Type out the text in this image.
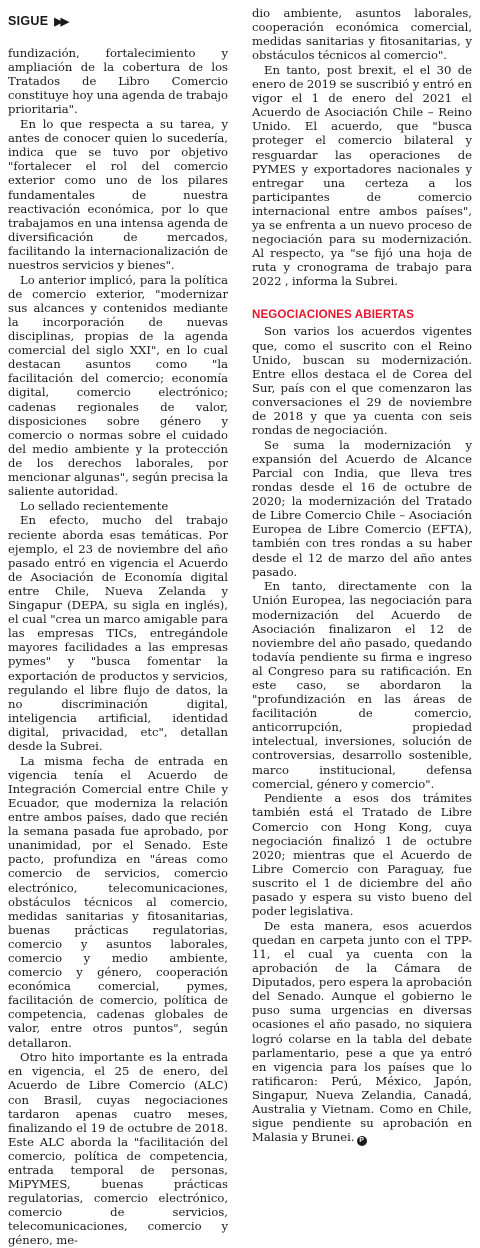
SIGUE ▶▶

fundización, fortalecimiento y ampliación de la cobertura de los Tratados de Libro Comercio constituye hoy una agenda de trabajo prioritaria".

En lo que respecta a su tarea, y antes de conocer quien lo sucedería, indica que se tuvo por objetivo "fortalecer el rol del comercio exterior como uno de los pilares fundamentales de nuestra reactivación económica, por lo que trabajamos en una intensa agenda de diversificación de mercados, facilitando la internacionalización de nuestros servicios y bienes".

Lo anterior implicó, para la política de comercio exterior, "modernizar sus alcances y contenidos mediante la incorporación de nuevas disciplinas, propias de la agenda comercial del siglo XXI", en lo cual destacan asuntos como "la facilitación del comercio; economía digital, comercio electrónico; cadenas regionales de valor, disposiciones sobre género y comercio o normas sobre el cuidado del medio ambiente y la protección de los derechos laborales, por mencionar algunas", según precisa la saliente autoridad.

Lo sellado recientemente

En efecto, mucho del trabajo reciente aborda esas temáticas. Por ejemplo, el 23 de noviembre del año pasado entró en vigencia el Acuerdo de Asociación de Economía digital entre Chile, Nueva Zelanda y Singapur (DEPA, su sigla en inglés), el cual "crea un marco amigable para las empresas TICs, entregándole mayores facilidades a las empresas pymes" y "busca fomentar la exportación de productos y servicios, regulando el libre flujo de datos, la no discriminación digital, inteligencia artificial, identidad digital, privacidad, etc", detallan desde la Subrei.

La misma fecha de entrada en vigencia tenía el Acuerdo de Integración Comercial entre Chile y Ecuador, que moderniza la relación entre ambos países, dado que recién la semana pasada fue aprobado, por unanimidad, por el Senado. Este pacto, profundiza en "áreas como comercio de servicios, comercio electrónico, telecomunicaciones, obstáculos técnicos al comercio, medidas sanitarias y fitosanitarias, buenas prácticas regulatorias, comercio y asuntos laborales, comercio y medio ambiente, comercio y género, cooperación económica comercial, pymes, facilitación de comercio, política de competencia, cadenas globales de valor, entre otros puntos", según detallaron.

Otro hito importante es la entrada en vigencia, el 25 de enero, del Acuerdo de Libre Comercio (ALC) con Brasil, cuyas negociaciones tardaron apenas cuatro meses, finalizando el 19 de octubre de 2018. Este ALC aborda la "facilitación del comercio, política de competencia, entrada temporal de personas, MiPYMES, buenas prácticas regulatorias, comercio electrónico, comercio de servicios, telecomunicaciones, comercio y género, me-

dio ambiente, asuntos laborales, cooperación económica comercial, medidas sanitarias y fitosanitarias, y obstáculos técnicos al comercio".

En tanto, post brexit, el el 30 de enero de 2019 se suscribió y entró en vigor el 1 de enero del 2021 el Acuerdo de Asociación Chile – Reino Unido. El acuerdo, que "busca proteger el comercio bilateral y resguardar las operaciones de PYMES y exportadores nacionales y entregar una certeza a los participantes de comercio internacional entre ambos países", ya se enfrenta a un nuevo proceso de negociación para su modernización. Al respecto, ya "se fijó una hoja de ruta y cronograma de trabajo para 2022 , informa la Subrei.

NEGOCIACIONES ABIERTAS

Son varios los acuerdos vigentes que, como el suscrito con el Reino Unido, buscan su modernización. Entre ellos destaca el de Corea del Sur, país con el que comenzaron las conversaciones el 29 de noviembre de 2018 y que ya cuenta con seis rondas de negociación.

Se suma la modernización y expansión del Acuerdo de Alcance Parcial con India, que lleva tres rondas desde el 16 de octubre de 2020; la modernización del Tratado de Libre Comercio Chile – Asociación Europea de Libre Comercio (EFTA), también con tres rondas a su haber desde el 12 de marzo del año antes pasado.

En tanto, directamente con la Unión Europea, las negociación para modernización del Acuerdo de Asociación finalizaron el 12 de noviembre del año pasado, quedando todavía pendiente su firma e ingreso al Congreso para su ratificación. En este caso, se abordaron la "profundización en las áreas de facilitación de comercio, anticorrupción, propiedad intelectual, inversiones, solución de controversias, desarrollo sostenible, marco institucional, defensa comercial, género y comercio".

Pendiente a esos dos trámites también está el Tratado de Libre Comercio con Hong Kong, cuya negociación finalizó 1 de octubre 2020; mientras que el Acuerdo de Libre Comercio con Paraguay, fue suscrito el 1 de diciembre del año pasado y espera su visto bueno del poder legislativa.

De esta manera, esos acuerdos quedan en carpeta junto con el TPP-11, el cual ya cuenta con la aprobación de la Cámara de Diputados, pero espera la aprobación del Senado. Aunque el gobierno le puso suma urgencias en diversas ocasiones el año pasado, no siquiera logró colarse en la tabla del debate parlamentario, pese a que ya entró en vigencia para los países que lo ratificaron: Perú, México, Japón, Singapur, Nueva Zelandia, Canadá, Australia y Vietnam. Como en Chile, sigue pendiente su aprobación en Malasia y Brunei. P
